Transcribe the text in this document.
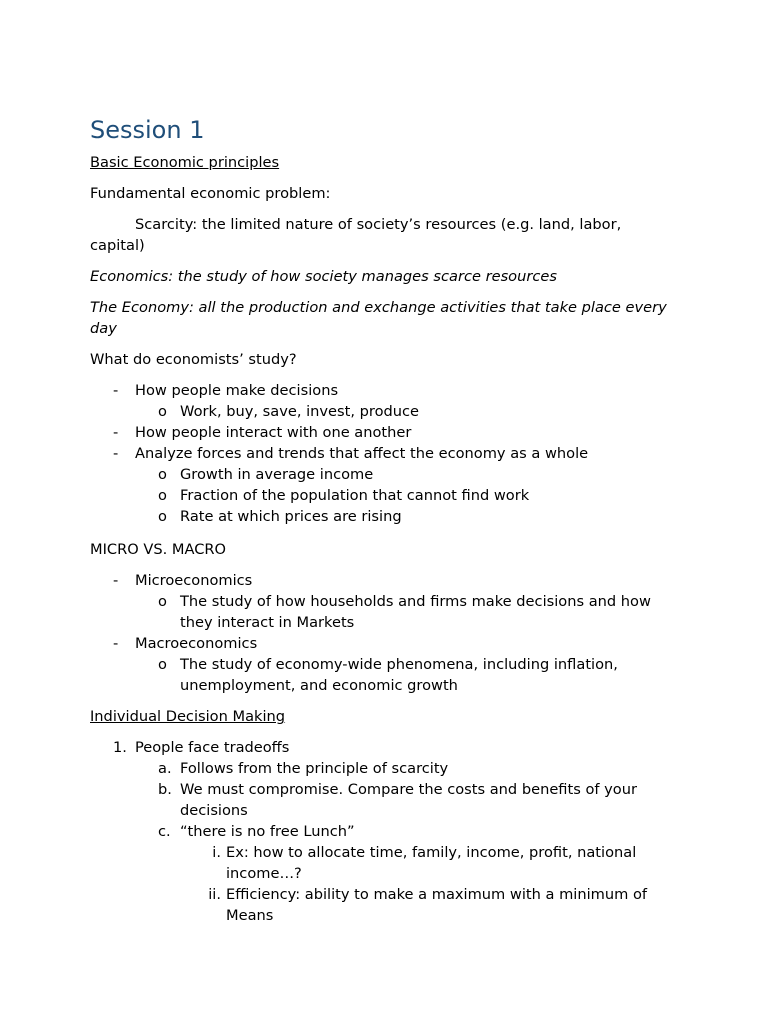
Session 1
Basic Economic principles
Fundamental economic problem:
Scarcity: the limited nature of society’s resources (e.g. land, labor, capital)
Economics: the study of how society manages scarce resources
The Economy: all the production and exchange activities that take place every day
What do economists’ study?
- How people make decisions
o Work, buy, save, invest, produce
- How people interact with one another
- Analyze forces and trends that affect the economy as a whole
o Growth in average income
o Fraction of the population that cannot find work
o Rate at which prices are rising
MICRO VS. MACRO
- Microeconomics
o The study of how households and firms make decisions and how they interact in Markets
- Macroeconomics
o The study of economy-wide phenomena, including inflation, unemployment, and economic growth
Individual Decision Making
1. People face tradeoffs
a. Follows from the principle of scarcity
b. We must compromise. Compare the costs and benefits of your decisions
c. “there is no free Lunch”
i. Ex: how to allocate time, family, income, profit, national income…?
ii. Efficiency: ability to make a maximum with a minimum of Means
